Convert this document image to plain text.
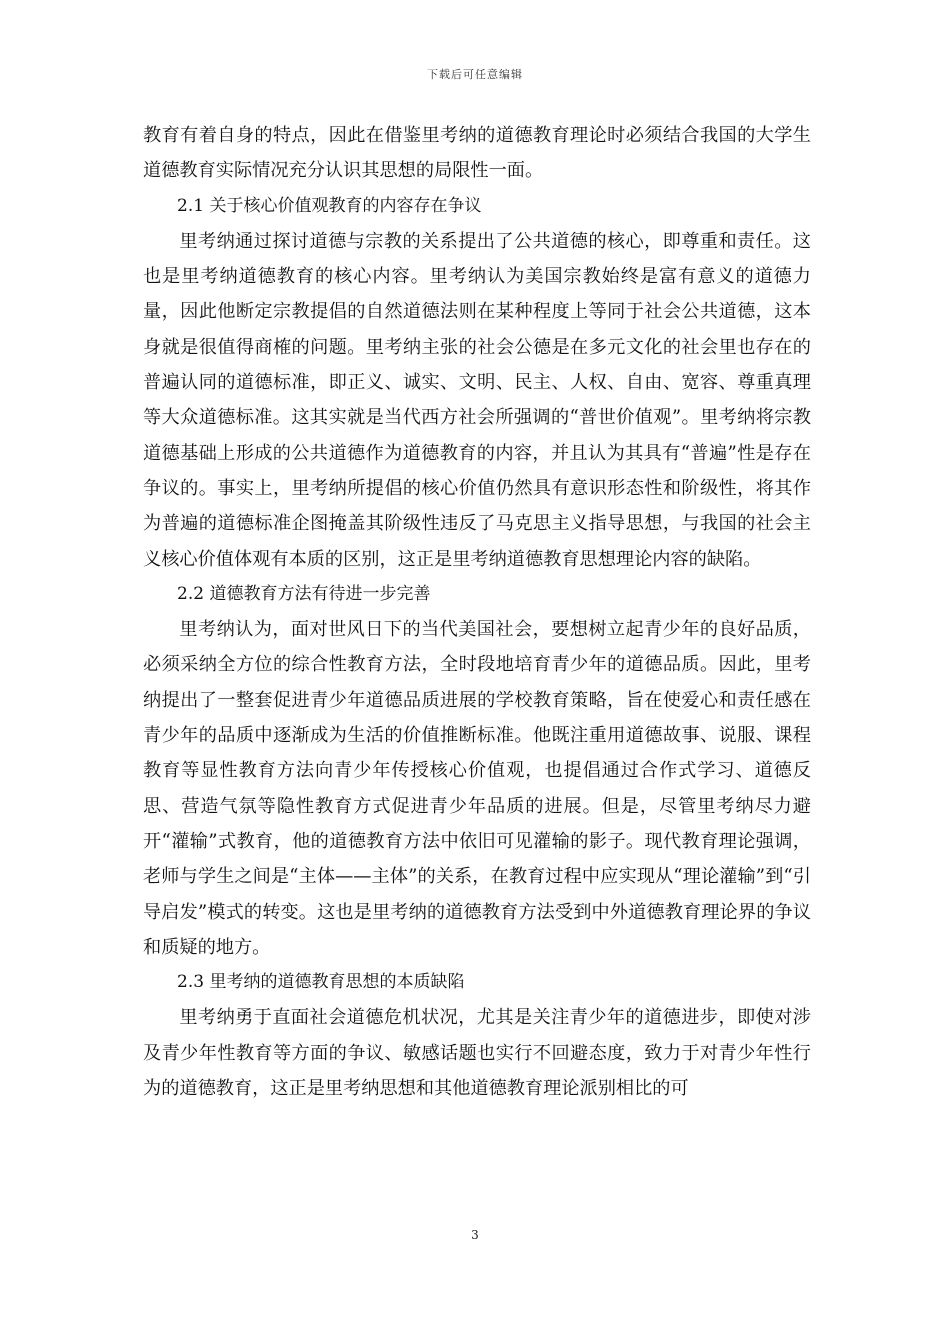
下载后可任意编辑

教育有着自身的特点，因此在借鉴里考纳的道德教育理论时必须结合我国的大学生道德教育实际情况充分认识其思想的局限性一面。

2.1 关于核心价值观教育的内容存在争议

里考纳通过探讨道德与宗教的关系提出了公共道德的核心，即尊重和责任。这也是里考纳道德教育的核心内容。里考纳认为美国宗教始终是富有意义的道德力量，因此他断定宗教提倡的自然道德法则在某种程度上等同于社会公共道德，这本身就是很值得商榷的问题。里考纳主张的社会公德是在多元文化的社会里也存在的普遍认同的道德标准，即正义、诚实、文明、民主、人权、自由、宽容、尊重真理等大众道德标准。这其实就是当代西方社会所强调的“普世价值观”。里考纳将宗教道德基础上形成的公共道德作为道德教育的内容，并且认为其具有“普遍”性是存在争议的。事实上，里考纳所提倡的核心价值仍然具有意识形态性和阶级性，将其作为普遍的道德标准企图掩盖其阶级性违反了马克思主义指导思想，与我国的社会主义核心价值体观有本质的区别，这正是里考纳道德教育思想理论内容的缺陷。

2.2 道德教育方法有待进一步完善

里考纳认为，面对世风日下的当代美国社会，要想树立起青少年的良好品质，必须采纳全方位的综合性教育方法，全时段地培育青少年的道德品质。因此，里考纳提出了一整套促进青少年道德品质进展的学校教育策略，旨在使爱心和责任感在青少年的品质中逐渐成为生活的价值推断标准。他既注重用道德故事、说服、课程教育等显性教育方法向青少年传授核心价值观，也提倡通过合作式学习、道德反思、营造气氛等隐性教育方式促进青少年品质的进展。但是，尽管里考纳尽力避开“灌输”式教育，他的道德教育方法中依旧可见灌输的影子。现代教育理论强调，老师与学生之间是“主体——主体”的关系，在教育过程中应实现从“理论灌输”到“引导启发”模式的转变。这也是里考纳的道德教育方法受到中外道德教育理论界的争议和质疑的地方。

2.3 里考纳的道德教育思想的本质缺陷

里考纳勇于直面社会道德危机状况，尤其是关注青少年的道德进步，即使对涉及青少年性教育等方面的争议、敏感话题也实行不回避态度，致力于对青少年性行为的道德教育，这正是里考纳思想和其他道德教育理论派别相比的可

3
